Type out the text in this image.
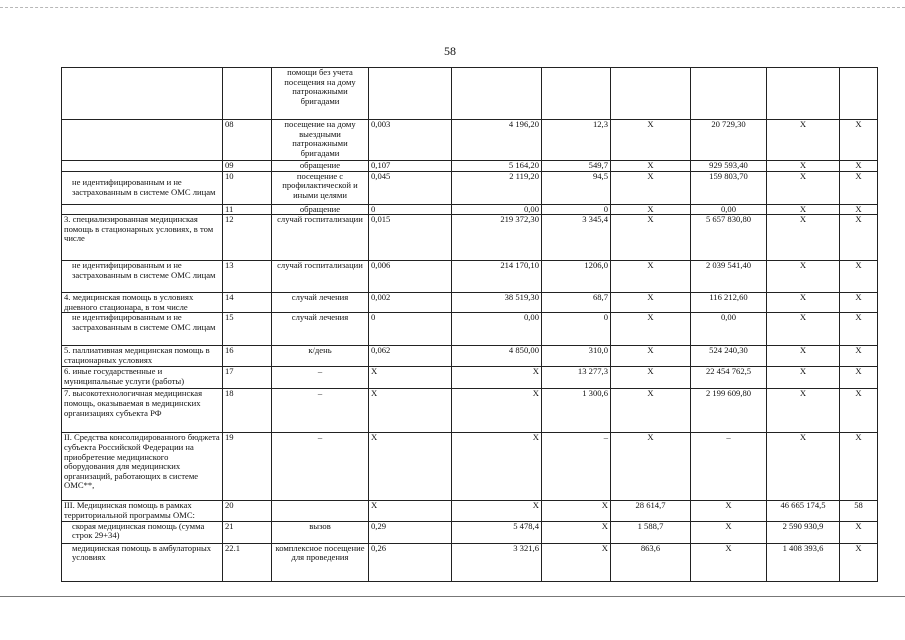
58
		помощи без учета посещения на дому патронажными бригадами							
	08	посещение на дому выездными патронажными бригадами	0,003	4 196,20	12,3	X	20 729,30	X	X
	09	обращение	0,107	5 164,20	549,7	X	929 593,40	X	X
не идентифицированным и не застрахованным в системе ОМС лицам	10	посещение с профилактической и иными целями	0,045	2 119,20	94,5	X	159 803,70	X	X
	11	обращение	0	0,00	0	X	0,00	X	X
3. специализированная медицинская помощь в стационарных условиях, в том числе	12	случай госпитализации	0,015	219 372,30	3 345,4	X	5 657 830,80	X	X
не идентифицированным и не застрахованным в системе ОМС лицам	13	случай госпитализации	0,006	214 170,10	1206,0	X	2 039 541,40	X	X
4. медицинская помощь в условиях дневного стационара, в том числе	14	случай лечения	0,002	38 519,30	68,7	X	116 212,60	X	X
не идентифицированным и не застрахованным в системе ОМС лицам	15	случай лечения	0	0,00	0	X	0,00	X	X
5. паллиативная медицинская помощь в стационарных условиях	16	к/день	0,062	4 850,00	310,0	X	524 240,30	X	X
6. иные государственные и муниципальные услуги (работы)	17	–	X	X	13 277,3	X	22 454 762,5	X	X
7. высокотехнологичная медицинская помощь, оказываемая в медицинских организациях субъекта РФ	18	–	X	X	1 300,6	X	2 199 609,80	X	X
II. Средства консолидированного бюджета субъекта Российской Федерации на приобретение медицинского оборудования для медицинских организаций, работающих в системе ОМС**,	19	–	X	X	–	X	–	X	X
III. Медицинская помощь в рамках территориальной программы ОМС:	20		X	X	X	28 614,7	X	46 665 174,5	58
скорая медицинская помощь (сумма строк 29+34)	21	вызов	0,29	5 478,4	X	1 588,7	X	2 590 930,9	X
медицинская помощь в амбулаторных условиях	22.1	комплексное посещение для проведения	0,26	3 321,6	X	863,6	X	1 408 393,6	X
